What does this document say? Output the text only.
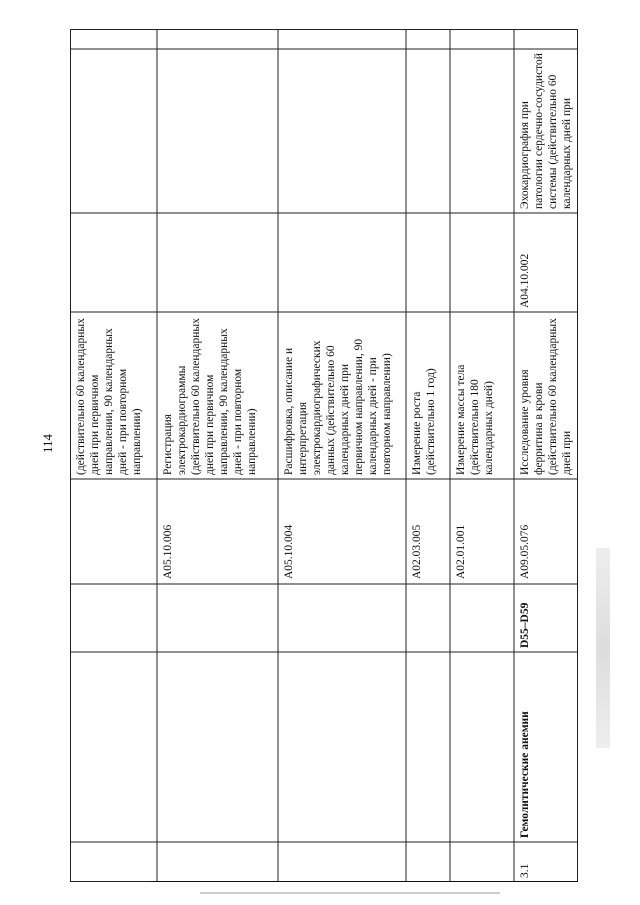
114 (действительно 60 календарных дней при первичном направлении, 90 календарных дней - при повторном направлении)
A05.10.006
Регистрация электрокардиограммы (действительно 60 календарных дней при первичном направлении, 90 календарных дней - при повторном направлении)
A05.10.004
Расшифровка, описание и интерпретация электрокардиографических данных (действительно 60 календарных дней при первичном направлении, 90 календарных дней - при повторном направлении)
A02.03.005
Измерение роста (действительно 1 год)
A02.01.001
Измерение массы тела (действительно 180 календарных дней)
3.1
Гемолитические анемии
D55–D59
A09.05.076
Исследование уровня ферритина в крови (действительно 60 календарных дней при
A04.10.002
Эхокардиография при патологии сердечно-сосудистой системы (действительно 60 календарных дней при
